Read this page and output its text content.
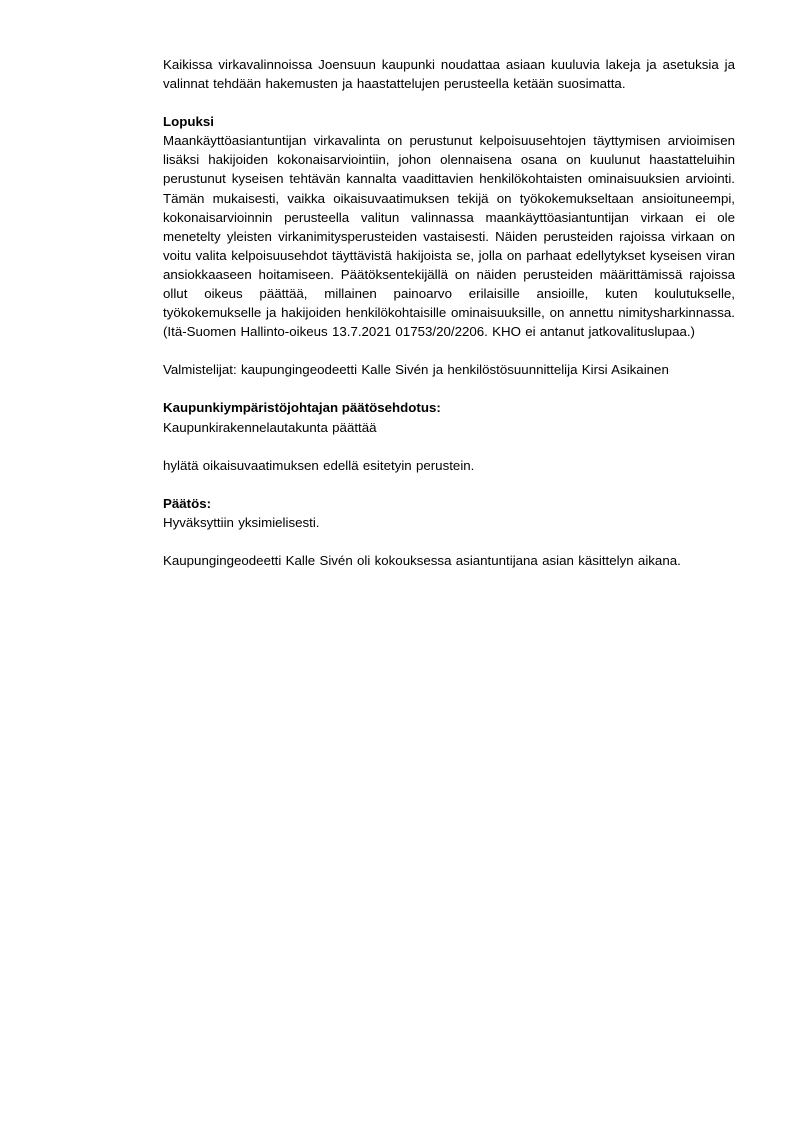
Kaikissa virkavalinnoissa Joensuun kaupunki noudattaa asiaan kuuluvia lakeja ja asetuksia ja valinnat tehdään hakemusten ja haastattelujen perusteella ketään suosimatta.

Lopuksi

Maankäyttöasiantuntijan virkavalinta on perustunut kelpoisuusehtojen täyttymisen arvioimisen lisäksi hakijoiden kokonaisarviointiin, johon olennaisena osana on kuulunut haastatteluihin perustunut kyseisen tehtävän kannalta vaadittavien henkilökohtaisten ominaisuuksien arviointi. Tämän mukaisesti, vaikka oikaisuvaatimuksen tekijä on työkokemukseltaan ansioituneempi, kokonaisarvioinnin perusteella valitun valinnassa maankäyttöasiantuntijan virkaan ei ole menetelty yleisten virkanimitysperusteiden vastaisesti. Näiden perusteiden rajoissa virkaan on voitu valita kelpoisuusehdot täyttävistä hakijoista se, jolla on parhaat edellytykset kyseisen viran ansiokkaaseen hoitamiseen. Päätöksentekijällä on näiden perusteiden määrittämissä rajoissa ollut oikeus päättää, millainen painoarvo erilaisille ansioille, kuten koulutukselle, työkokemukselle ja hakijoiden henkilökohtaisille ominaisuuksille, on annettu nimitysharkinnassa. (Itä-Suomen Hallinto-oikeus 13.7.2021 01753/20/2206. KHO ei antanut jatkovalituslupaa.)

Valmistelijat: kaupungingeodeetti Kalle Sivén ja henkilöstösuunnittelija Kirsi Asikainen

Kaupunkiympäristöjohtajan päätösehdotus:

Kaupunkirakennelautakunta päättää

hylätä oikaisuvaatimuksen edellä esitetyin perustein.

Päätös:

Hyväksyttiin yksimielisesti.

Kaupungingeodeetti Kalle Sivén oli kokouksessa asiantuntijana asian käsittelyn aikana.
